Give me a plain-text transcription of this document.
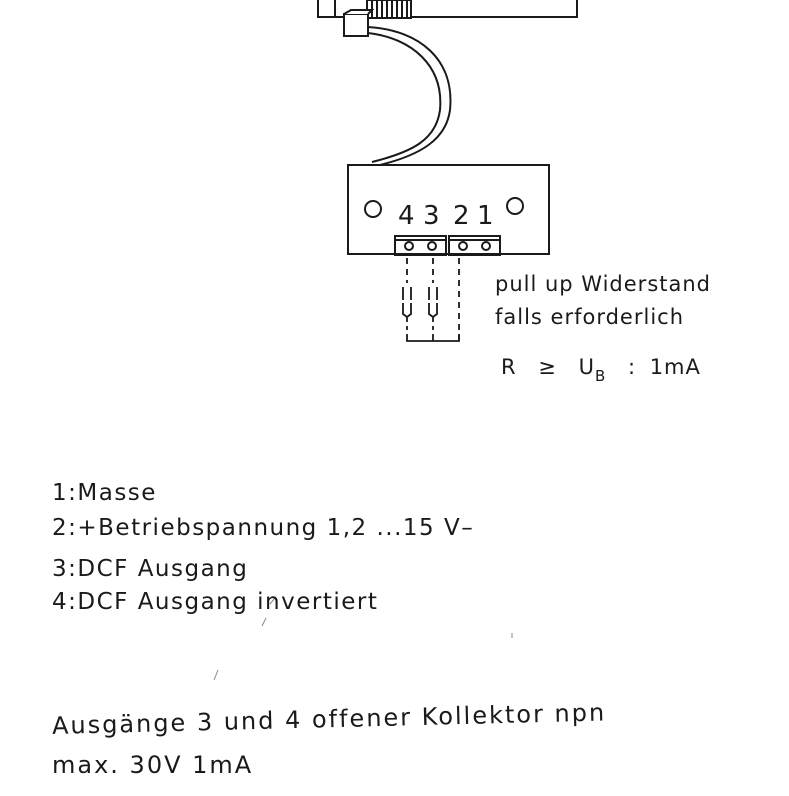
4 3 2 1
pull up Widerstand
falls erforderlich
$R \ge U_B$ : 1mA
1:Masse
2:+Betriebspannung 1,2 ...15 V–
3:DCF Ausgang
4:DCF Ausgang invertiert
Ausgänge 3 und 4 offener Kollektor npn
max. 30V 1mA
